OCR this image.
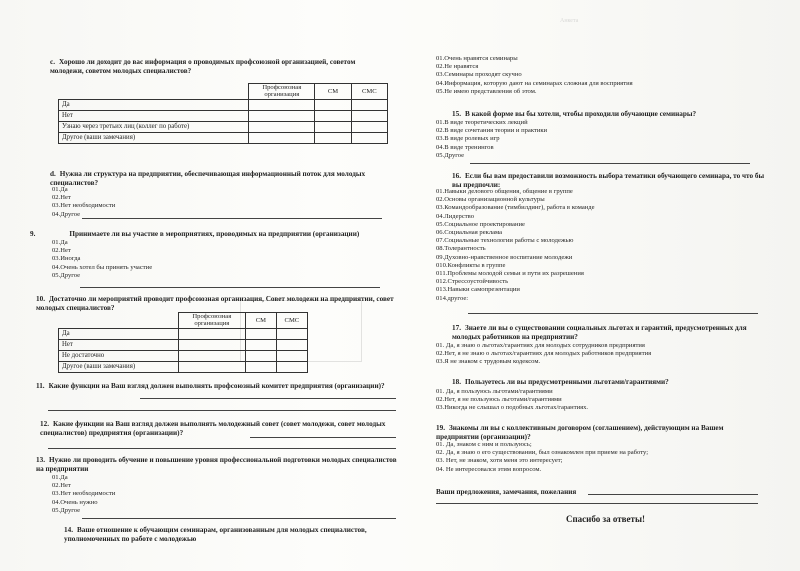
Анкета
c. Хорошо ли доходит до вас информация о проводимых профсоюзной организацией, советом молодежи, советом молодых специалистов?
	Профсоюзная организация	СМ	СМС
Да			
Нет			
Узнаю через третьих лиц (коллег по работе)			
Другое (ваши замечания)			
d. Нужна ли структура на предприятии, обеспечивающая информационный поток для молодых специалистов?
01.Да
02.Нет
03.Нет необходимости
04.Другое
9.	Принимаете ли вы участие в мероприятиях, проводимых на предприятии (организации)
01.Да
02.Нет
03.Иногда
04.Очень хотел бы принять участие
05.Другое
10. Достаточно ли мероприятий проводит профсоюзная организация, Совет молодежи на предприятии, совет молодых специалистов?
	Профсоюзная организация	СМ	СМС
Да			
Нет			
Не достаточно			
Другое (ваши замечания)			
11. Какие функции на Ваш взгляд должен выполнять профсоюзный комитет предприятия (организации)?
12. Какие функции на Ваш взгляд должен выполнять молодежный совет (совет молодежи, совет молодых специалистов) предприятия (организации)?
13. Нужно ли проводить обучение и повышение уровня профессиональной подготовки молодых специалистов на предприятии
01.Да
02.Нет
03.Нет необходимости
04.Очень нужно
05.Другое
14. Ваше отношение к обучающим семинарам, организованным для молодых специалистов, уполномоченных по работе с молодежью
01.Очень нравятся семинары
02.Не нравятся
03.Семинары проходят скучно
04.Информация, которую дают на семинарах сложная для восприятия
05.Не имею представления об этом.
15. В какой форме вы бы хотели, чтобы проходили обучающие семинары?
01.В виде теоретических лекций
02.В виде сочетания теории и практики
03.В виде ролевых игр
04.В виде тренингов
05.Другое
16. Если бы вам предоставили возможность выбора тематики обучающего семинара, то что бы вы предпочли:
01.Навыки делового общения, общение в группе
02.Основы организационной культуры
03.Командообразование (тимбилдинг), работа в команде
04.Лидерство
05.Социальное проектирование
06.Социальная реклама
07.Социальные технологии работы с молодежью
08.Толерантность
09.Духовно-нравственное воспитание молодежи
010.Конфликты в группе
011.Проблемы молодой семьи и пути их разрешения
012.Стрессоустойчивость
013.Навыки самопрезентации
014.другое:
17. Знаете ли вы о существовании социальных льготах и гарантий, предусмотренных для молодых работников на предприятии?
01. Да, я знаю о льготах/гарантиях для молодых сотрудников предприятия
02.Нет, я не знаю о льготах/гарантиях для молодых работников предприятия
03.Я не знаком с трудовым кодексом.
18. Пользуетесь ли вы предусмотренными льготами/гарантиями?
01. Да, я пользуюсь льготами/гарантиями
02.Нет, я не пользуюсь льготами/гарантиями
03.Никогда не слышал о подобных льготах/гарантиях.
19. Знакомы ли вы с коллективным договором (соглашением), действующим на Вашем предприятии (организации)?
01. Да, знаком с ним и пользуюсь;
02. Да, я знаю о его существовании, был ознакомлен при приеме на работу;
03. Нет, не знаком, хотя меня это интересует;
04. Не интересовался этим вопросом.
Ваши предложения, замечания, пожелания
Спасибо за ответы!
